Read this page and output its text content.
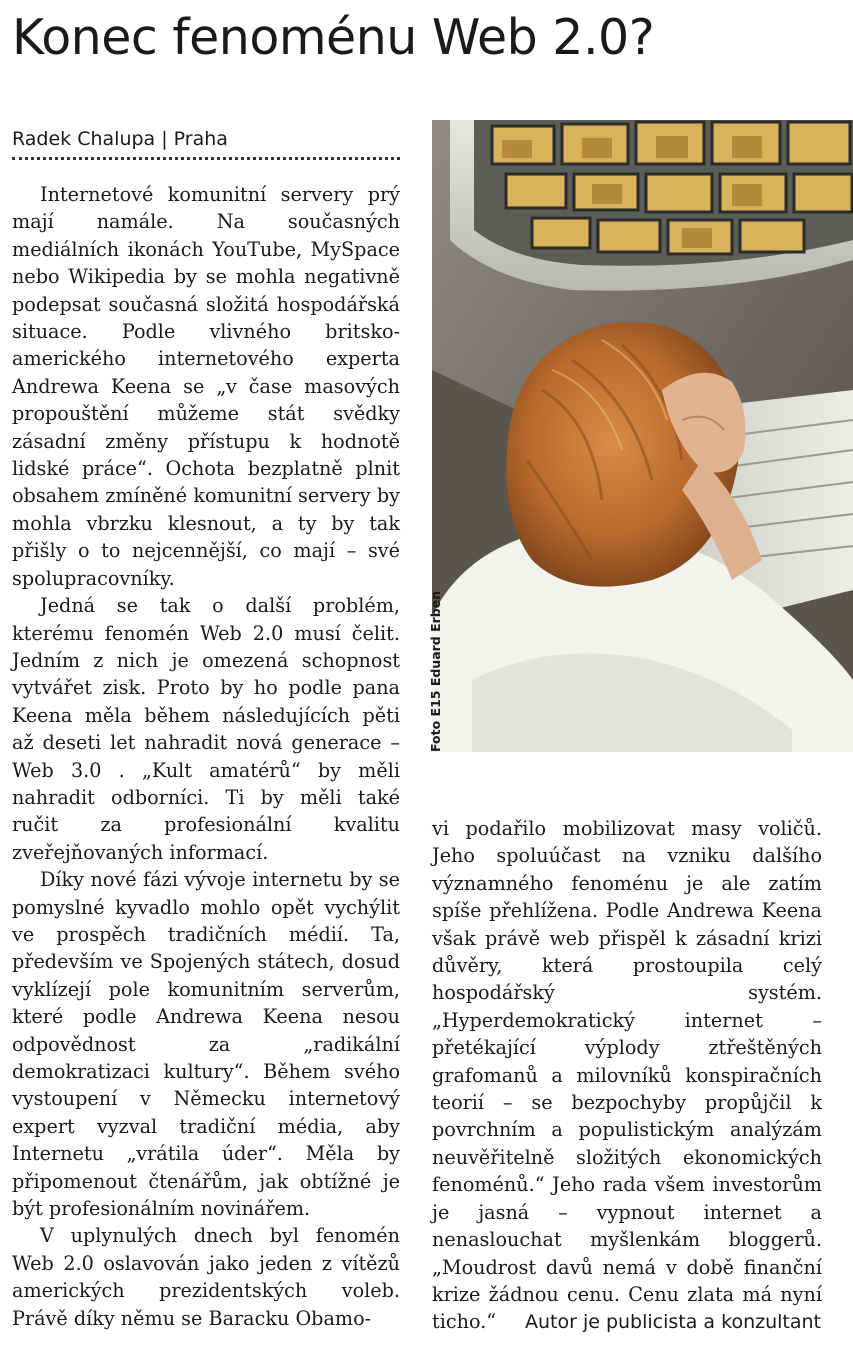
Konec fenoménu Web 2.0?
Radek Chalupa | Praha

Internetové komunitní servery prý mají namále. Na současných mediálních ikonách YouTube, MySpace nebo Wikipedia by se mohla negativně podepsat současná složitá hospodářská situace. Podle vlivného britsko-amerického internetového experta Andrewa Keena se „v čase masových propouštění můžeme stát svědky zásadní změny přístupu k hodnotě lidské práce“. Ochota bezplatně plnit obsahem zmíněné komunitní servery by mohla vbrzku klesnout, a ty by tak přišly o to nejcennější, co mají – své spolupracovníky.

Jedná se tak o další problém, kterému fenomén Web 2.0 musí čelit. Jedním z nich je omezená schopnost vytvářet zisk. Proto by ho podle pana Keena měla během následujících pěti až deseti let nahradit nová generace – Web 3.0 . „Kult amatérů“ by měli nahradit odborníci. Ti by měli také ručit za profesionální kvalitu zveřejňovaných informací.

Díky nové fázi vývoje internetu by se pomyslné kyvadlo mohlo opět vychýlit ve prospěch tradičních médií. Ta, především ve Spojených státech, dosud vyklízejí pole komunitním serverům, které podle Andrewa Keena nesou odpovědnost za „radikální demokratizaci kultury“. Během svého vystoupení v Německu internetový expert vyzval tradiční média, aby Internetu „vrátila úder“. Měla by připomenout čtenářům, jak obtížné je být profesionálním novinářem.

V uplynulých dnech byl fenomén Web 2.0 oslavován jako jeden z vítězů amerických prezidentských voleb. Právě díky němu se Baracku Obamo-

Foto E15 Eduard Erben

vi podařilo mobilizovat masy voličů. Jeho spoluúčast na vzniku dalšího významného fenoménu je ale zatím spíše přehlížena. Podle Andrewa Keena však právě web přispěl k zásadní krizi důvěry, která prostoupila celý hospodářský systém. „Hyperdemokratický internet – přetékající výplody ztřeštěných grafomanů a milovníků konspiračních teorií – se bezpochyby propůjčil k povrchním a populistickým analýzám neuvěřitelně složitých ekonomických fenoménů.“ Jeho rada všem investorům je jasná – vypnout internet a nenaslouchat myšlenkám bloggerů. „Moudrost davů nemá v době finanční krize žádnou cenu. Cenu zlata má nyní ticho.“	Autor je publicista a konzultant
